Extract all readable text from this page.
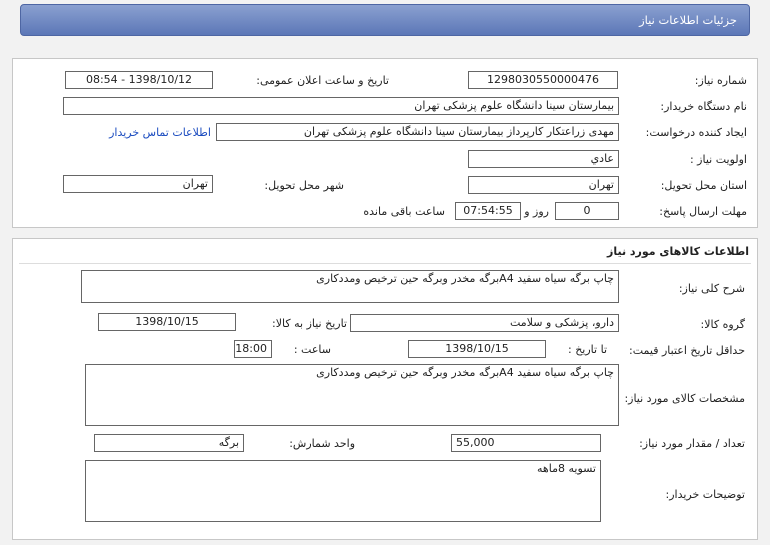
جزئیات اطلاعات نیاز
شماره نیاز:
1298030550000476
تاریخ و ساعت اعلان عمومی:
1398/10/12 - 08:54
نام دستگاه خریدار:
بیمارستان سینا دانشگاه علوم پزشکی تهران
ایجاد کننده درخواست:
مهدی زراعتکار کارپرداز بیمارستان سینا دانشگاه علوم پزشکی تهران
اطلاعات تماس خریدار
اولویت نیاز :
عادي
استان محل تحویل:
تهران
شهر محل تحویل:
تهران
مهلت ارسال پاسخ:
0
روز و
07:54:55
ساعت باقی مانده
اطلاعات کالاهای مورد نیاز
شرح کلی نیاز:
چاپ برگه سیاه سفید A4برگه مخدر وبرگه حین ترخیص ومددکاری
گروه کالا:
دارو، پزشکی و سلامت
تاریخ نیاز به کالا:
1398/10/15
حداقل تاریخ اعتبار قیمت:
تا تاریخ :
1398/10/15
ساعت :
18:00
مشخصات کالای مورد نیاز:
چاپ برگه سیاه سفید A4برگه مخدر وبرگه حین ترخیص ومددکاری
تعداد / مقدار مورد نیاز:
55,000
واحد شمارش:
برگه
توضیحات خریدار:
تسویه 8ماهه
